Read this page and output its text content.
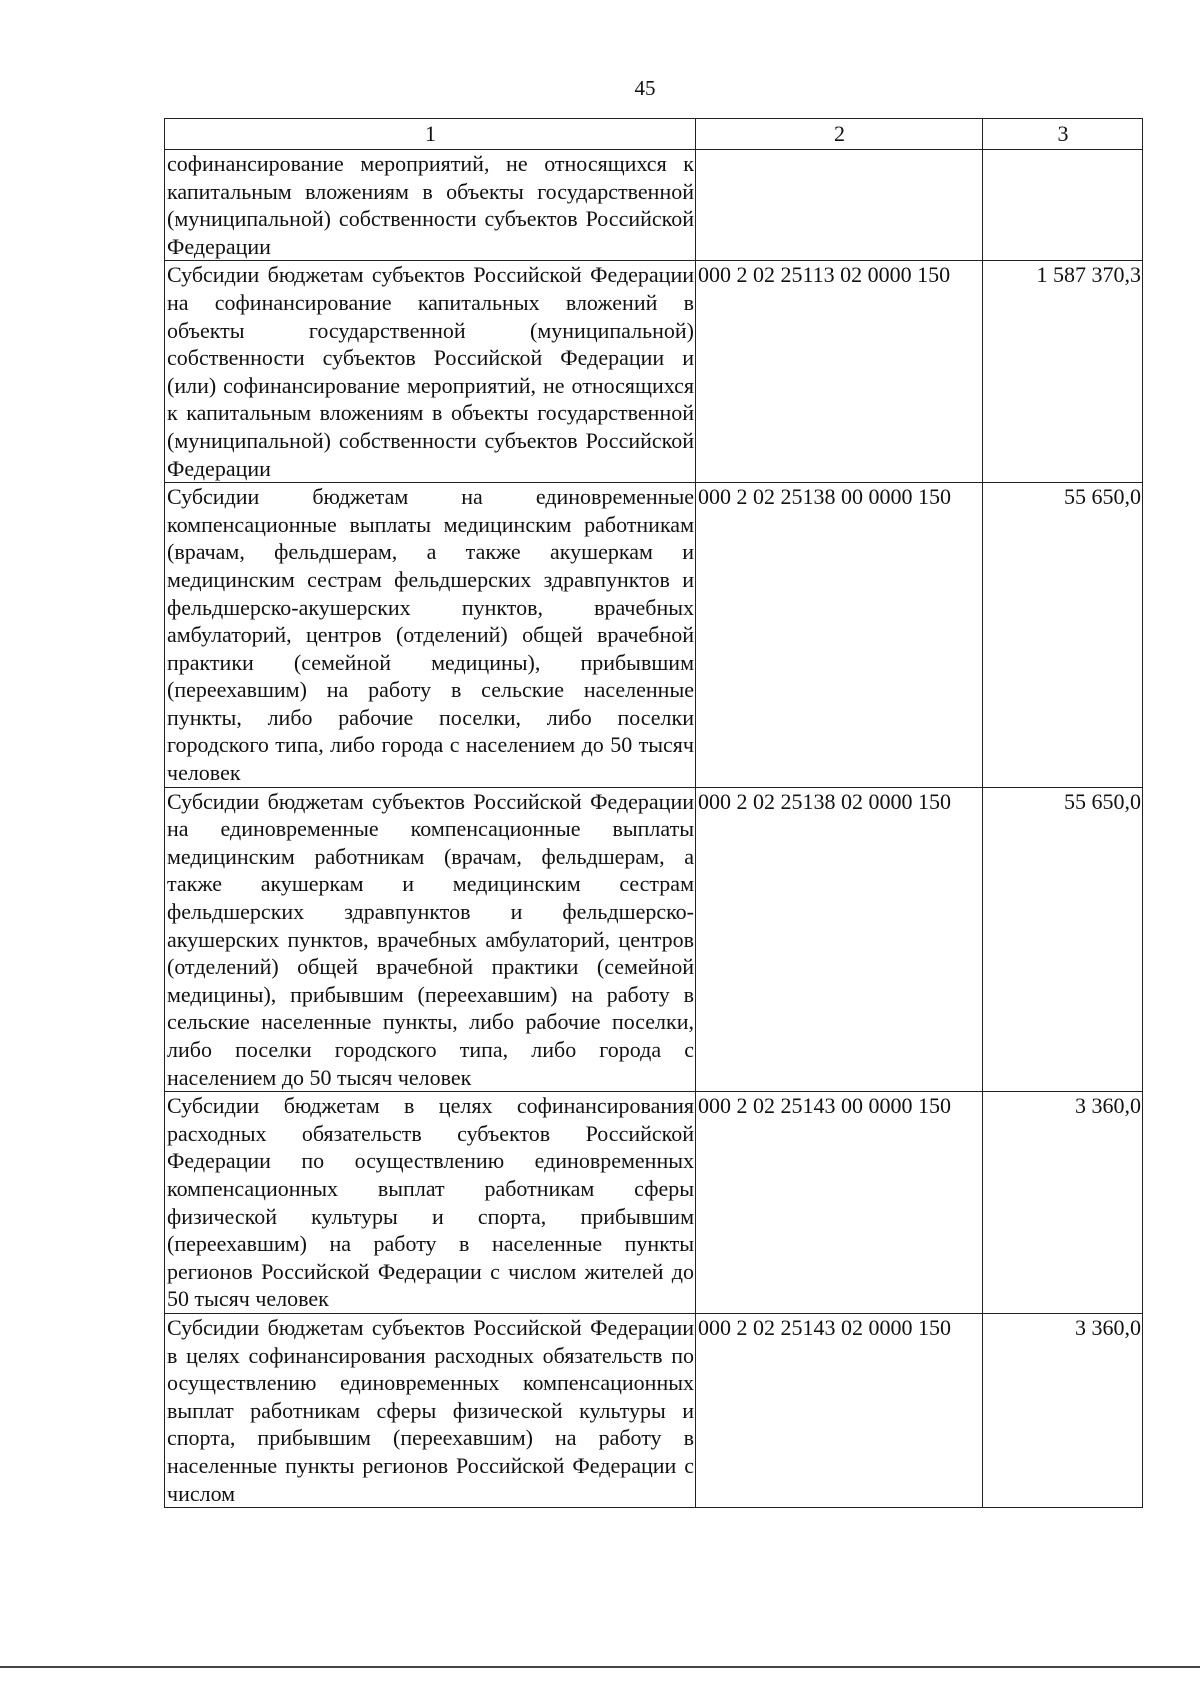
45
1	2	3
софинансирование мероприятий, не относящихся к капитальным вложениям в объекты государственной (муниципальной) собственности субъектов Российской Федерации		
Субсидии бюджетам субъектов Российской Федерации на софинансирование капитальных вложений в объекты государственной (муниципальной) собственности субъектов Российской Федерации и (или) софинансирование мероприятий, не относящихся к капитальным вложениям в объекты государственной (муниципальной) собственности субъектов Российской Федерации	000 2 02 25113 02 0000 150	1 587 370,3
Субсидии бюджетам на единовременные компенсационные выплаты медицинским работникам (врачам, фельдшерам, а также акушеркам и медицинским сестрам фельдшерских здравпунктов и фельдшерско-акушерских пунктов, врачебных амбулаторий, центров (отделений) общей врачебной практики (семейной медицины), прибывшим (переехавшим) на работу в сельские населенные пункты, либо рабочие поселки, либо поселки городского типа, либо города с населением до 50 тысяч человек	000 2 02 25138 00 0000 150	55 650,0
Субсидии бюджетам субъектов Российской Федерации на единовременные компенсационные выплаты медицинским работникам (врачам, фельдшерам, а также акушеркам и медицинским сестрам фельдшерских здравпунктов и фельдшерско-акушерских пунктов, врачебных амбулаторий, центров (отделений) общей врачебной практики (семейной медицины), прибывшим (переехавшим) на работу в сельские населенные пункты, либо рабочие поселки, либо поселки городского типа, либо города с населением до 50 тысяч человек	000 2 02 25138 02 0000 150	55 650,0
Субсидии бюджетам в целях софинансирования расходных обязательств субъектов Российской Федерации по осуществлению единовременных компенсационных выплат работникам сферы физической культуры и спорта, прибывшим (переехавшим) на работу в населенные пункты регионов Российской Федерации с числом жителей до 50 тысяч человек	000 2 02 25143 00 0000 150	3 360,0
Субсидии бюджетам субъектов Российской Федерации в целях софинансирования расходных обязательств по осуществлению единовременных компенсационных выплат работникам сферы физической культуры и спорта, прибывшим (переехавшим) на работу в населенные пункты регионов Российской Федерации с числом	000 2 02 25143 02 0000 150	3 360,0
